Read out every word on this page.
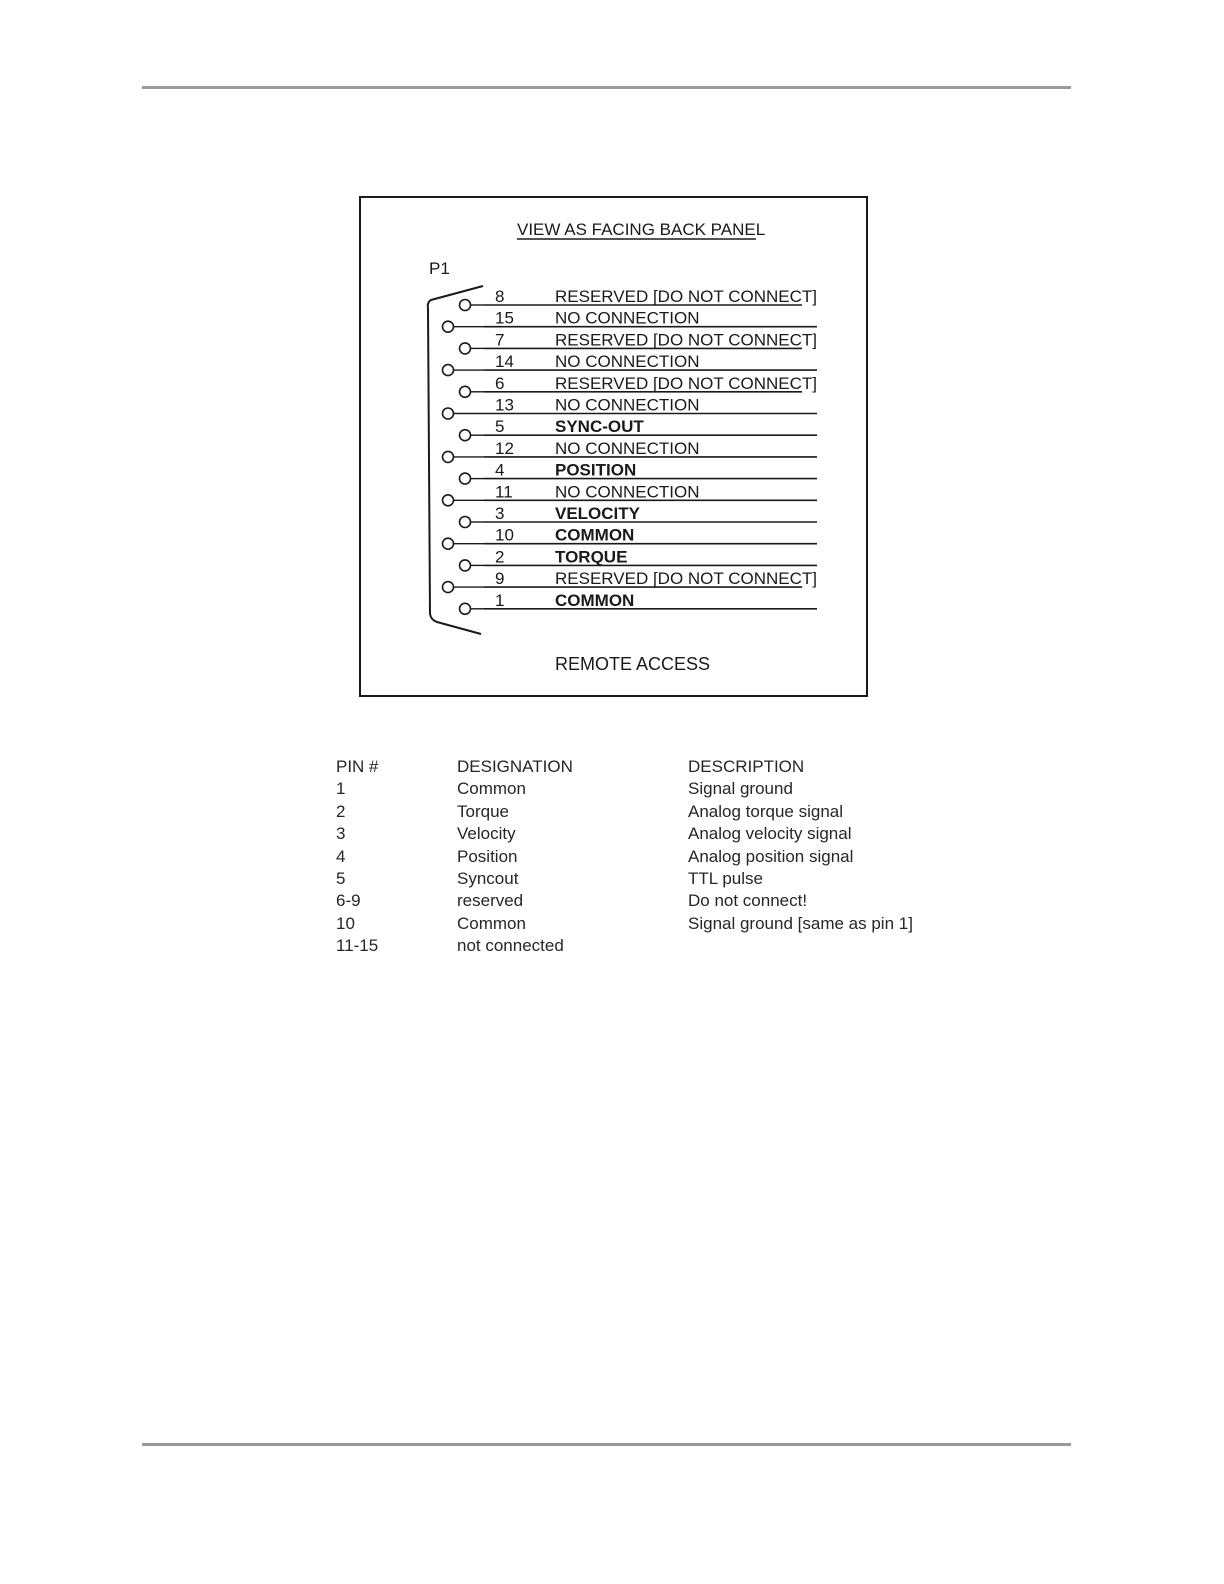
VIEW AS FACING BACK PANEL
P1
8	RESERVED [DO NOT CONNECT]
15 NO CONNECTION
7	RESERVED [DO NOT CONNECT]
14 NO CONNECTION
6	RESERVED [DO NOT CONNECT]
13 NO CONNECTION
5	SYNC-OUT
12 NO CONNECTION
4	POSITION
11 NO CONNECTION
3	VELOCITY
10 COMMON
2	TORQUE
9	RESERVED [DO NOT CONNECT]
1	COMMON
REMOTE ACCESS
PIN #	DESIGNATION	DESCRIPTION
1	Common	Signal ground
2	Torque	Analog torque signal
3	Velocity	Analog velocity signal
4	Position	Analog position signal
5	Syncout	TTL pulse
6-9	reserved	Do not connect!
10	Common	Signal ground [same as pin 1]
11-15	not connected
